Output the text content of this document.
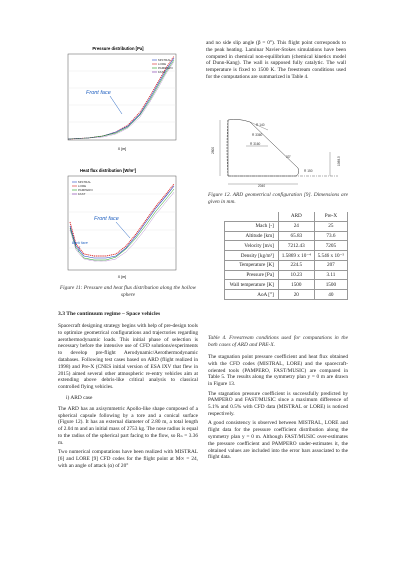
Pressure distribution [Pa]
Front face
MISTRAL
LORE
PAMPERO
FAST
X [m]
Heat flux distribution [W/m²]
Front face
Back face
MISTRAL
LORE
PAMPERO
FAST
X [m]
Figure 11: Pressure and heat flux distribution along the hollow sphere
3.3 The continuum regime – Space vehicles

Spacecraft designing strategy begins with help of pre-design tools to optimize geometrical configurations and trajectories regarding aerothermodynamic loads. This initial phase of selection is necessary before the intensive use of CFD solutions/experiments to develop pre-flight Aerodynamic/Aerothermodynamic databases. Following test cases based on ARD (flight realized in 1998) and Pre-X (CNES initial version of ESA IXV that flew in 2015) aimed several other atmospheric re-entry vehicles aim at extending above debris-like critical analysis to classical controlled flying vehicles.

i) ARD case

The ARD has an axisymmetric Apollo-like shape composed of a spherical capsule following by a tore and a conical surface (Figure 12). It has an external diameter of 2.80 m, a total length of 2.04 m and an initial mass of 2753 kg. The nose radius is equal to the radius of the spherical part facing to the flow, so Rₙ = 3.36 m.

Two numerical computations have been realized with MISTRAL [6] and LORE [9] CFD codes for the flight point at M∞ = 24, with an angle of attack (α) of 20°

and no side slip angle (β = 0°). This flight point corresponds to the peak heating. Laminar Navier-Stokes simulations have been computed in chemical non-equilibrium (chemical kinetics model of Dunn-Kang). The wall is supposed fully catalytic. The wall temperature is fixed to 1500 K. The freestream conditions used for the computations are summarized in Table 4.

R 140
R 3360
R 3160
33°
2800
2040
R 150
1988.5
Figure 12. ARD geometrical configuration [9]. Dimensions are given in mm.
	ARD	Pre-X
Mach [-]	24	25
Altitude [km]	65.83	73.6
Velocity [m/s]	7212.43	7205
Density [kg/m³]	1.5869 x 10⁻⁴	5.546 x 10⁻⁵
Temperature [K]	224.5	207
Pressure [Pa]	10.23	3.11
Wall temperature [K]	1500	1500
AoA [°]	20	40
Table 4. Freestream conditions used for computations in the both cases of ARD and PRE-X.

The stagnation point pressure coefficient and heat flux obtained with the CFD codes (MISTRAL, LORE) and the spacecraft-oriented tools (PAMPERO, FAST/MUSIC) are compared in Table 5. The results along the symmetry plan y = 0 m are drawn in Figure 13.

The stagnation pressure coefficient is successfully predicted by PAMPERO and FAST/MUSIC since a maximum difference of 5.1% and 0.5% with CFD data (MISTRAL or LORE) is noticed respectively.

A good consistency is observed between MISTRAL, LORE and flight data for the pressure coefficient distribution along the symmetry plan y = 0 m. Although FAST/MUSIC over-estimates the pressure coefficient and PAMPERO under-estimates it, the obtained values are included into the error bars associated to the flight data.
